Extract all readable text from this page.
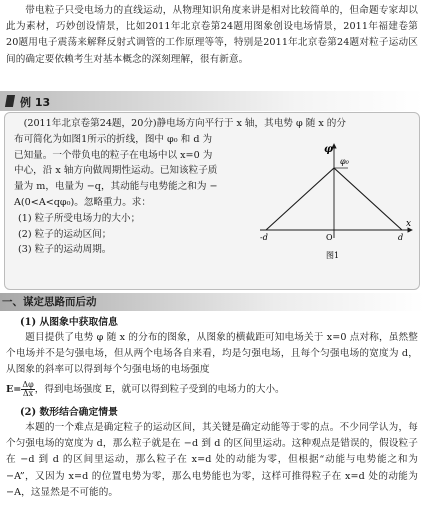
带电粒子只受电场力的直线运动，从物理知识角度来讲是相对比较简单的，但命题专家却以此为素材，巧妙创设情景，比如2011年北京卷第24题用图象创设电场情景，2011年福建卷第20题用电子震荡来解释反射式调管的工作原理等等，特别是2011年北京卷第24题对粒子运动区间的确定要依赖考生对基本概念的深刻理解，很有新意。
例 13
(2011年北京卷第24题，20分)静电场方向平行于 x 轴，其电势 φ 随 x 的分
布可简化为如图1所示的折线，图中 φ₀ 和 d 为
已知量。一个带负电的粒子在电场中以 x=0 为
中心，沿 x 轴方向做周期性运动。已知该粒子质
量为 m，电量为 −q，其动能与电势能之和为 −
A(0<A<qφ₀)。忽略重力。求：
(1) 粒子所受电场力的大小；
(2) 粒子的运动区间；
(3) 粒子的运动周期。
φ
φ₀
x
O
-d	d
图1
一、谋定思路而后动
(1) 从图象中获取信息
题目提供了电势 φ 随 x 的分布的图象，从图象的横截距可知电场关于 x=0 点对称，虽然整个电场并不是匀强电场，但从两个电场各自来看，均是匀强电场，且每个匀强电场的宽度为 d，从图象的斜率可以得到每个匀强电场的电场强度
$E= \frac{\Delta\varphi}{\Delta x}$ ，得到电场强度 E，就可以得到粒子受到的电场力的大小。
(2) 数形结合确定情景
本题的一个难点是确定粒子的运动区间，其关键是确定动能等于零的点。不少同学认为，每个匀强电场的宽度为 d，那么粒子就是在 −d 到 d 的区间里运动。这种观点是错误的，假设粒子在 −d 到 d 的区间里运动，那么粒子在 x=d 处的动能为零，但根据“动能与电势能之和为 −A”，又因为 x=d 的位置电势为零，那么电势能也为零，这样可推得粒子在 x=d 处的动能为 −A，这显然是不可能的。
